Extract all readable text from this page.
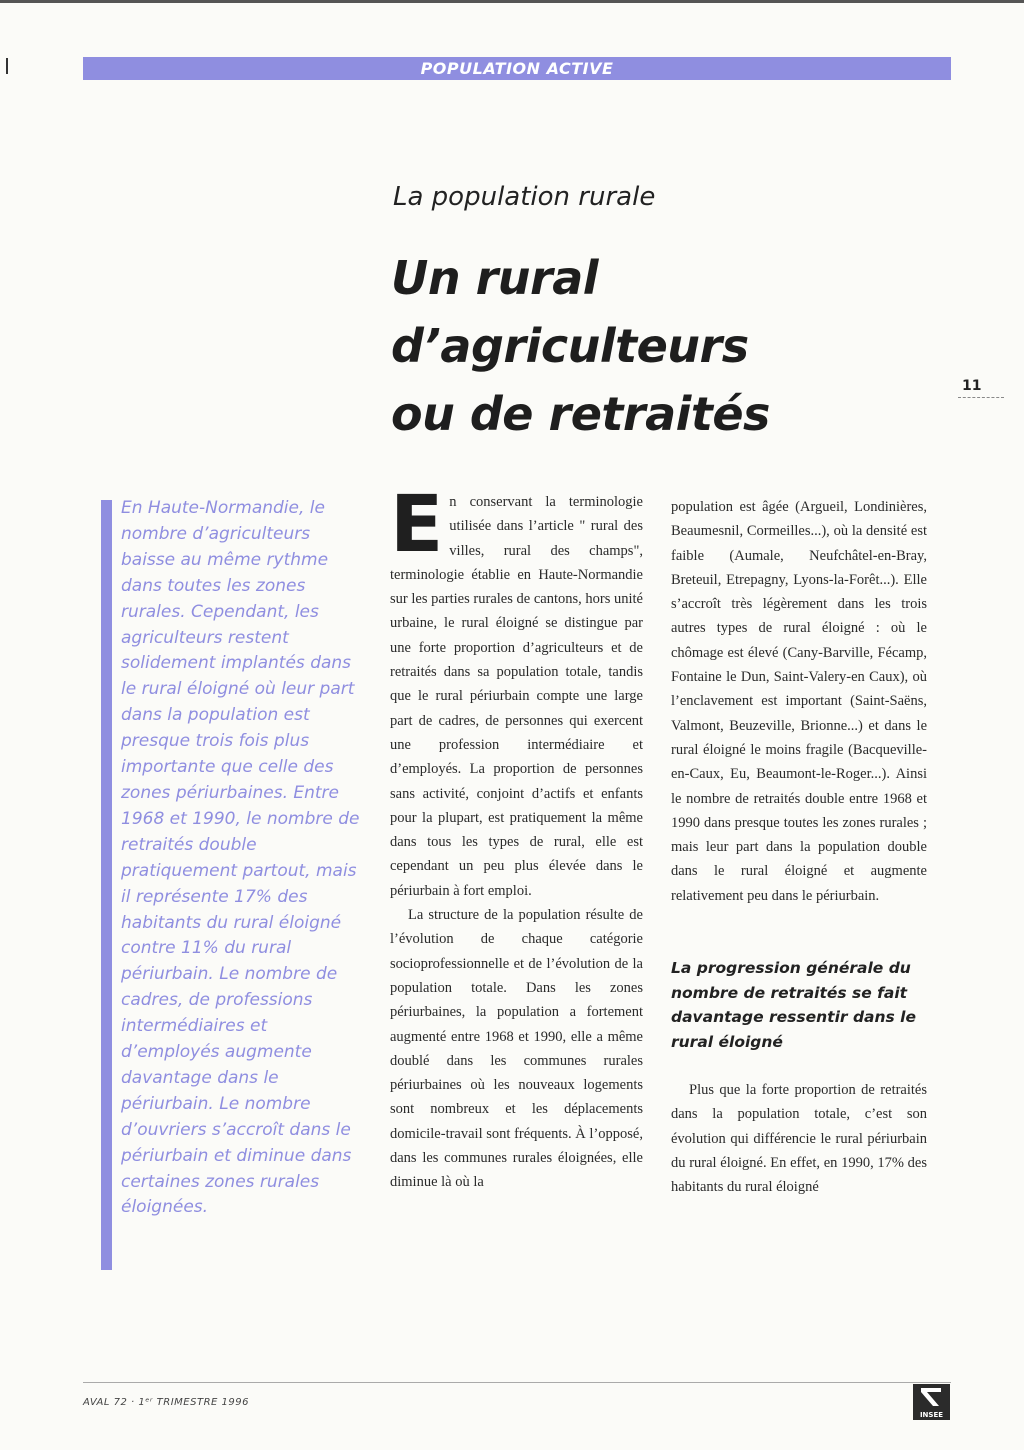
POPULATION ACTIVE
La population rurale
Un rural
d’agriculteurs
ou de retraités
11
En Haute-Normandie, le nombre d’agriculteurs baisse au même rythme dans toutes les zones rurales. Cependant, les agriculteurs restent solidement implantés dans le rural éloigné où leur part dans la population est presque trois fois plus importante que celle des zones périurbaines. Entre 1968 et 1990, le nombre de retraités double pratiquement partout, mais il représente 17% des habitants du rural éloigné contre 11% du rural périurbain. Le nombre de cadres, de professions intermédiaires et d’employés augmente davantage dans le périurbain. Le nombre d’ouvriers s’accroît dans le périurbain et diminue dans certaines zones rurales éloignées.

En conservant la terminologie utilisée dans l’article " rural des villes, rural des champs", terminologie établie en Haute-Normandie sur les parties rurales de cantons, hors unité urbaine, le rural éloigné se distingue par une forte proportion d’agriculteurs et de retraités dans sa population totale, tandis que le rural périurbain compte une large part de cadres, de personnes qui exercent une profession intermédiaire et d’employés. La proportion de personnes sans activité, conjoint d’actifs et enfants pour la plupart, est pratiquement la même dans tous les types de rural, elle est cependant un peu plus élevée dans le périurbain à fort emploi.

La structure de la population résulte de l’évolution de chaque catégorie socioprofessionnelle et de l’évolution de la population totale. Dans les zones périurbaines, la population a fortement augmenté entre 1968 et 1990, elle a même doublé dans les communes rurales périurbaines où les nouveaux logements sont nombreux et les déplacements domicile-travail sont fréquents. À l’opposé, dans les communes rurales éloignées, elle diminue là où la

population est âgée (Argueil, Londinières, Beaumesnil, Cormeilles...), où la densité est faible (Aumale, Neufchâtel-en-Bray, Breteuil, Etrepagny, Lyons-la-Forêt...). Elle s’accroît très légèrement dans les trois autres types de rural éloigné : où le chômage est élevé (Cany-Barville, Fécamp, Fontaine le Dun, Saint-Valery-en Caux), où l’enclavement est important (Saint-Saëns, Valmont, Beuzeville, Brionne...) et dans le rural éloigné le moins fragile (Bacqueville-en-Caux, Eu, Beaumont-le-Roger...). Ainsi le nombre de retraités double entre 1968 et 1990 dans presque toutes les zones rurales ; mais leur part dans la population double dans le rural éloigné et augmente relativement peu dans le périurbain.

La progression générale du nombre de retraités se fait davantage ressentir dans le rural éloigné

Plus que la forte proportion de retraités dans la population totale, c’est son évolution qui différencie le rural périurbain du rural éloigné. En effet, en 1990, 17% des habitants du rural éloigné

AVAL 72 · 1ᵉʳ TRIMESTRE 1996
INSEE
